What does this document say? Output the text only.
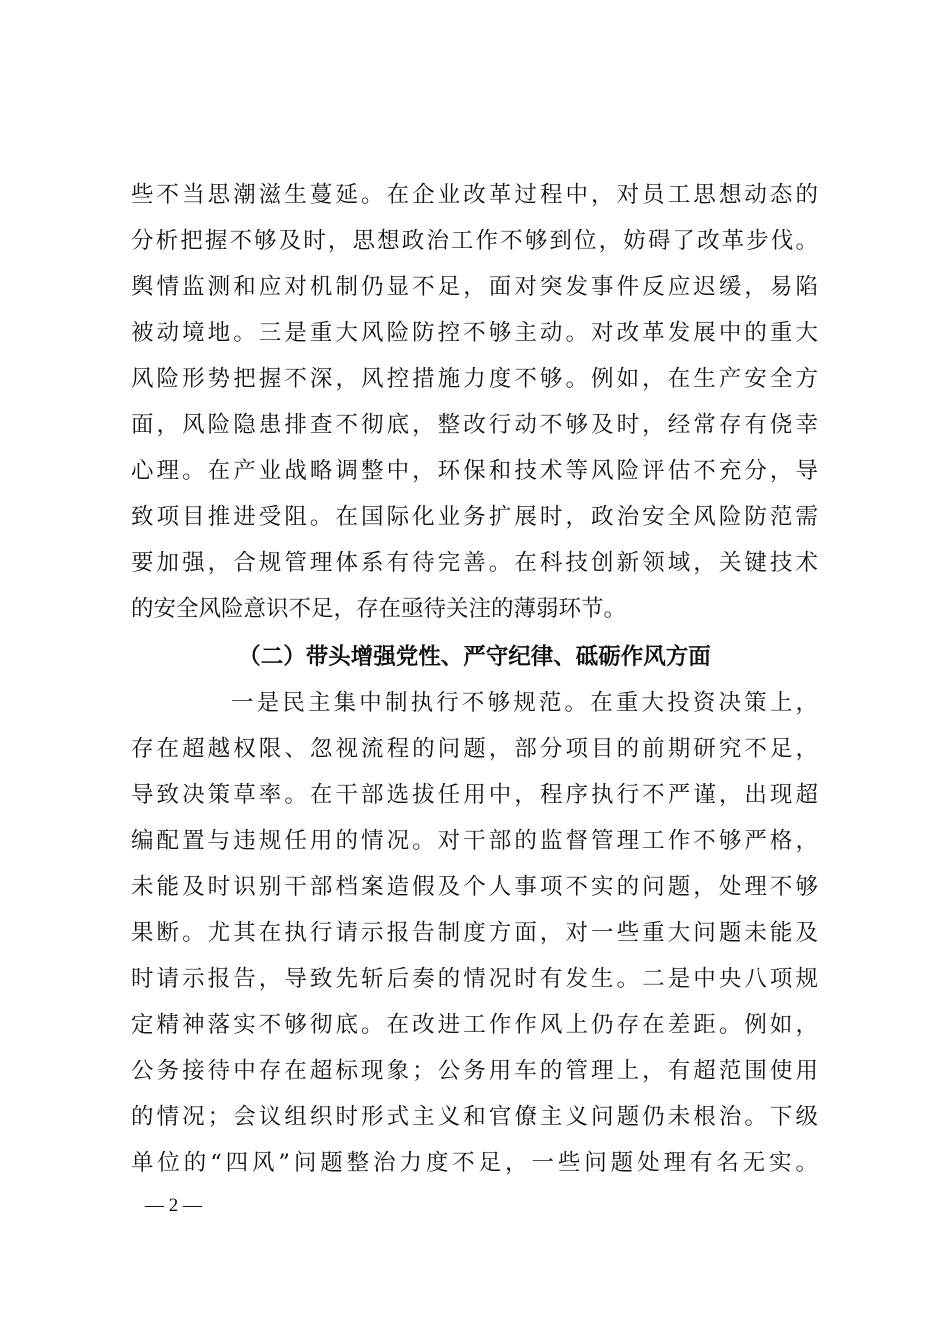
些不当思潮滋生蔓延。在企业改革过程中，对员工思想动态的
分析把握不够及时，思想政治工作不够到位，妨碍了改革步伐。
舆情监测和应对机制仍显不足，面对突发事件反应迟缓，易陷
被动境地。三是重大风险防控不够主动。对改革发展中的重大
风险形势把握不深，风控措施力度不够。例如，在生产安全方
面，风险隐患排查不彻底，整改行动不够及时，经常存有侥幸
心理。在产业战略调整中，环保和技术等风险评估不充分，导
致项目推进受阻。在国际化业务扩展时，政治安全风险防范需
要加强，合规管理体系有待完善。在科技创新领域，关键技术
的安全风险意识不足，存在亟待关注的薄弱环节。
（二）带头增强党性、严守纪律、砥砺作风方面
一是民主集中制执行不够规范。在重大投资决策上，
存在超越权限、忽视流程的问题，部分项目的前期研究不足，
导致决策草率。在干部选拔任用中，程序执行不严谨，出现超
编配置与违规任用的情况。对干部的监督管理工作不够严格，
未能及时识别干部档案造假及个人事项不实的问题，处理不够
果断。尤其在执行请示报告制度方面，对一些重大问题未能及
时请示报告，导致先斩后奏的情况时有发生。二是中央八项规
定精神落实不够彻底。在改进工作作风上仍存在差距。例如，
公务接待中存在超标现象；公务用车的管理上，有超范围使用
的情况；会议组织时形式主义和官僚主义问题仍未根治。下级
单位的“四风”问题整治力度不足，一些问题处理有名无实。
— 2 —
